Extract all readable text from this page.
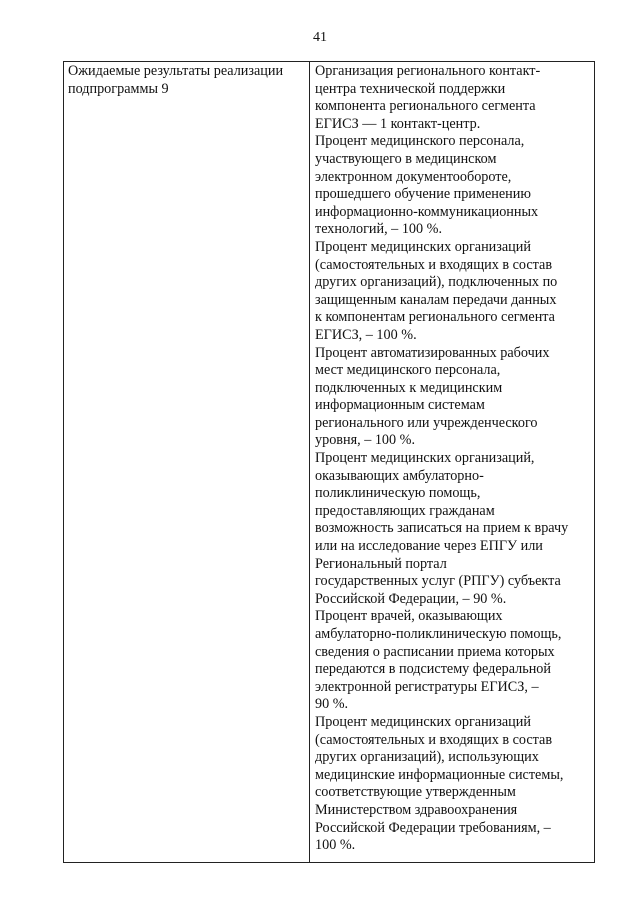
41

Ожидаемые результаты реализации
подпрограммы 9

Организация регионального контакт-
центра технической поддержки
компонента регионального сегмента
ЕГИСЗ — 1 контакт-центр.
Процент медицинского персонала,
участвующего в медицинском
электронном документообороте,
прошедшего обучение применению
информационно-коммуникационных
технологий, – 100 %.
Процент медицинских организаций
(самостоятельных и входящих в состав
других организаций), подключенных по
защищенным каналам передачи данных
к компонентам регионального сегмента
ЕГИСЗ, – 100 %.
Процент автоматизированных рабочих
мест медицинского персонала,
подключенных к медицинским
информационным системам
регионального или учрежденческого
уровня, – 100 %.
Процент медицинских организаций,
оказывающих амбулаторно-
поликлиническую помощь,
предоставляющих гражданам
возможность записаться на прием к врачу
или на исследование через ЕПГУ или
Региональный портал
государственных услуг (РПГУ) субъекта
Российской Федерации, – 90 %.
Процент врачей, оказывающих
амбулаторно-поликлиническую помощь,
сведения о расписании приема которых
передаются в подсистему федеральной
электронной регистратуры ЕГИСЗ, –
90 %.
Процент медицинских организаций
(самостоятельных и входящих в состав
других организаций), использующих
медицинские информационные системы,
соответствующие утвержденным
Министерством здравоохранения
Российской Федерации требованиям, –
100 %.
